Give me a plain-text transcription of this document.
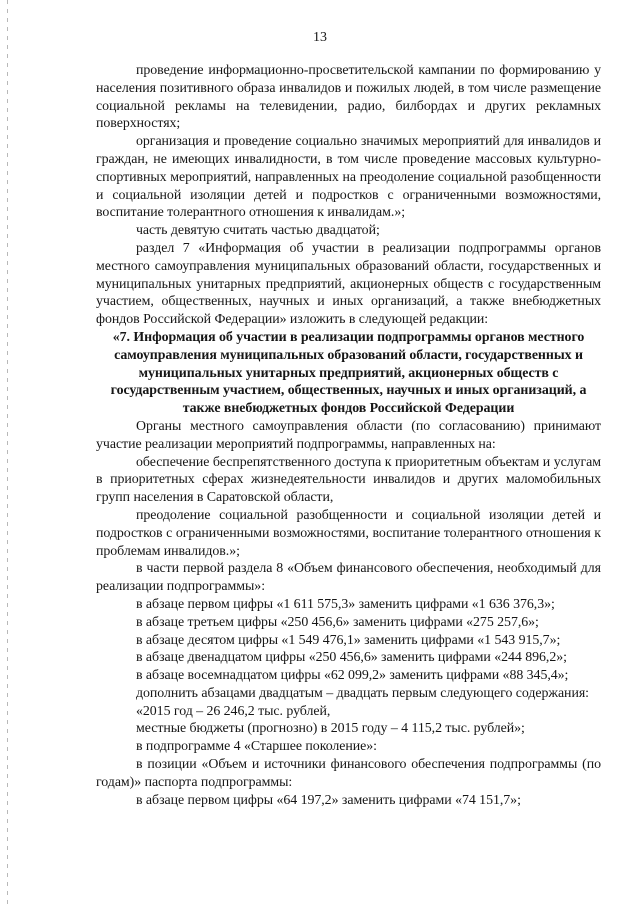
13

проведение информационно-просветительской кампании по формированию у населения позитивного образа инвалидов и пожилых людей, в том числе размещение социальной рекламы на телевидении, радио, билбордах и других рекламных поверхностях;

организация и проведение социально значимых мероприятий для инвалидов и граждан, не имеющих инвалидности, в том числе проведение массовых культурно-спортивных мероприятий, направленных на преодоление социальной разобщенности и социальной изоляции детей и подростков с ограниченными возможностями, воспитание толерантного отношения к инвалидам.»;

часть девятую считать частью двадцатой;

раздел 7 «Информация об участии в реализации подпрограммы органов местного самоуправления муниципальных образований области, государственных и муниципальных унитарных предприятий, акционерных обществ с государственным участием, общественных, научных и иных организаций, а также внебюджетных фондов Российской Федерации» изложить в следующей редакции:

«7. Информация об участии в реализации подпрограммы органов местного самоуправления муниципальных образований области, государственных и муниципальных унитарных предприятий, акционерных обществ с государственным участием, общественных, научных и иных организаций, а также внебюджетных фондов Российской Федерации

Органы местного самоуправления области (по согласованию) принимают участие реализации мероприятий подпрограммы, направленных на:

обеспечение беспрепятственного доступа к приоритетным объектам и услугам в приоритетных сферах жизнедеятельности инвалидов и других маломобильных групп населения в Саратовской области,

преодоление социальной разобщенности и социальной изоляции детей и подростков с ограниченными возможностями, воспитание толерантного отношения к проблемам инвалидов.»;

в части первой раздела 8 «Объем финансового обеспечения, необходимый для реализации подпрограммы»:

в абзаце первом цифры «1 611 575,3» заменить цифрами «1 636 376,3»;

в абзаце третьем цифры «250 456,6» заменить цифрами «275 257,6»;

в абзаце десятом цифры «1 549 476,1» заменить цифрами «1 543 915,7»;

в абзаце двенадцатом цифры «250 456,6» заменить цифрами «244 896,2»;

в абзаце восемнадцатом цифры «62 099,2» заменить цифрами «88 345,4»;

дополнить абзацами двадцатым – двадцать первым следующего содержания:

«2015 год – 26 246,2 тыс. рублей,

местные бюджеты (прогнозно) в 2015 году – 4 115,2 тыс. рублей»;

в подпрограмме 4 «Старшее поколение»:

в позиции «Объем и источники финансового обеспечения подпрограммы (по годам)» паспорта подпрограммы:

в абзаце первом цифры «64 197,2» заменить цифрами «74 151,7»;
